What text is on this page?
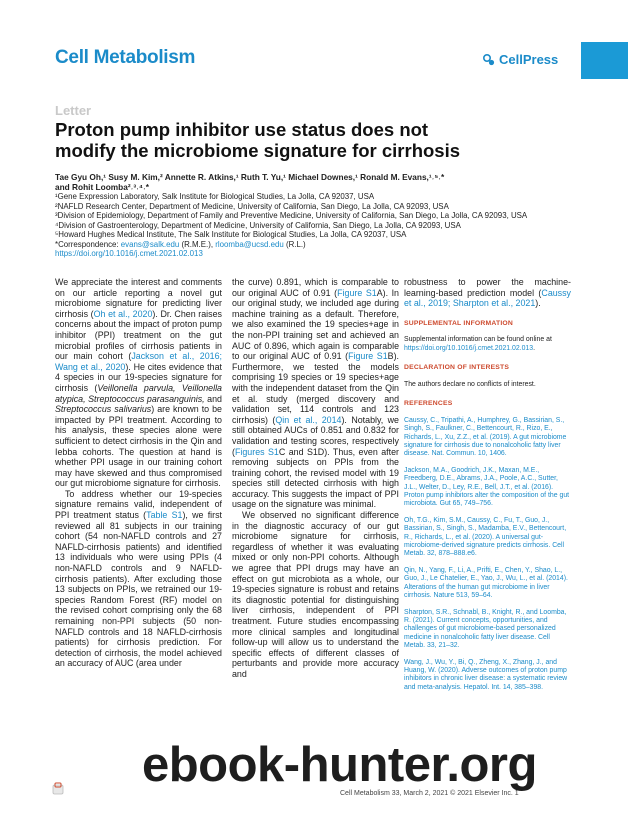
Cell Metabolism	CellPress
Letter
Proton pump inhibitor use status does not
modify the microbiome signature for cirrhosis
Tae Gyu Oh,¹ Susy M. Kim,² Annette R. Atkins,¹ Ruth T. Yu,¹ Michael Downes,¹ Ronald M. Evans,¹˒⁵˒*
and Rohit Loomba²˒³˒⁴˒*
¹Gene Expression Laboratory, Salk Institute for Biological Studies, La Jolla, CA 92037, USA
²NAFLD Research Center, Department of Medicine, University of California, San Diego, La Jolla, CA 92093, USA
³Division of Epidemiology, Department of Family and Preventive Medicine, University of California, San Diego, La Jolla, CA 92093, USA
⁴Division of Gastroenterology, Department of Medicine, University of California, San Diego, La Jolla, CA 92093, USA
⁵Howard Hughes Medical Institute, The Salk Institute for Biological Studies, La Jolla, CA 92037, USA
*Correspondence: evans@salk.edu (R.M.E.), rloomba@ucsd.edu (R.L.)
https://doi.org/10.1016/j.cmet.2021.02.013

We appreciate the interest and comments on our article reporting a novel gut microbiome signature for predicting liver cirrhosis (Oh et al., 2020). Dr. Chen raises concerns about the impact of proton pump inhibitor (PPI) treatment on the gut microbial profiles of cirrhosis patients in our main cohort (Jackson et al., 2016; Wang et al., 2020). He cites evidence that 4 species in our 19-species signature for cirrhosis (Veillonella parvula, Veillonella atypica, Streptococcus parasanguinis, and Streptococcus salivarius) are known to be impacted by PPI treatment. According to his analysis, these species alone were sufficient to detect cirrhosis in the Qin and Iebba cohorts. The question at hand is whether PPI usage in our training cohort may have skewed and thus compromised our gut microbiome signature for cirrhosis.

To address whether our 19-species signature remains valid, independent of PPI treatment status (Table S1), we first reviewed all 81 subjects in our training cohort (54 non-NAFLD controls and 27 NAFLD-cirrhosis patients) and identified 13 individuals who were using PPIs (4 non-NAFLD controls and 9 NAFLD-cirrhosis patients). After excluding those 13 subjects on PPIs, we retrained our 19-species Random Forest (RF) model on the revised cohort comprising only the 68 remaining non-PPI subjects (50 non-NAFLD controls and 18 NAFLD-cirrhosis patients) for cirrhosis prediction. For detection of cirrhosis, the model achieved an accuracy of AUC (area under

the curve) 0.891, which is comparable to our original AUC of 0.91 (Figure S1A). In our original study, we included age during machine training as a default. Therefore, we also examined the 19 species+age in the non-PPI training set and achieved an AUC of 0.896, which again is comparable to our original AUC of 0.91 (Figure S1B). Furthermore, we tested the models comprising 19 species or 19 species+age with the independent dataset from the Qin et al. study (merged discovery and validation set, 114 controls and 123 cirrhosis) (Qin et al., 2014). Notably, we still obtained AUCs of 0.851 and 0.832 for validation and testing scores, respectively (Figures S1C and S1D). Thus, even after removing subjects on PPIs from the training cohort, the revised model with 19 species still detected cirrhosis with high accuracy. This suggests the impact of PPI usage on the signature was minimal.

We observed no significant difference in the diagnostic accuracy of our gut microbiome signature for cirrhosis, regardless of whether it was evaluating mixed or only non-PPI cohorts. Although we agree that PPI drugs may have an effect on gut microbiota as a whole, our 19-species signature is robust and retains its diagnostic potential for distinguishing liver cirrhosis, independent of PPI treatment. Future studies encompassing more clinical samples and longitudinal follow-up will allow us to understand the specific effects of different classes of perturbants and provide more accuracy and

robustness to power the machine-learning-based prediction model (Caussy et al., 2019; Sharpton et al., 2021).

SUPPLEMENTAL INFORMATION
Supplemental information can be found online at https://doi.org/10.1016/j.cmet.2021.02.013.
DECLARATION OF INTERESTS
The authors declare no conflicts of interest.
REFERENCES
Caussy, C., Tripathi, A., Humphrey, G., Bassirian, S., Singh, S., Faulkner, C., Bettencourt, R., Rizo, E., Richards, L., Xu, Z.Z., et al. (2019). A gut microbiome signature for cirrhosis due to nonalcoholic fatty liver disease. Nat. Commun. 10, 1406.
Jackson, M.A., Goodrich, J.K., Maxan, M.E., Freedberg, D.E., Abrams, J.A., Poole, A.C., Sutter, J.L., Welter, D., Ley, R.E., Bell, J.T., et al. (2016). Proton pump inhibitors alter the composition of the gut microbiota. Gut 65, 749–756.
Oh, T.G., Kim, S.M., Caussy, C., Fu, T., Guo, J., Bassirian, S., Singh, S., Madamba, E.V., Bettencourt, R., Richards, L., et al. (2020). A universal gut-microbiome-derived signature predicts cirrhosis. Cell Metab. 32, 878–888.e6.
Qin, N., Yang, F., Li, A., Prifti, E., Chen, Y., Shao, L., Guo, J., Le Chatelier, E., Yao, J., Wu, L., et al. (2014). Alterations of the human gut microbiome in liver cirrhosis. Nature 513, 59–64.
Sharpton, S.R., Schnabl, B., Knight, R., and Loomba, R. (2021). Current concepts, opportunities, and challenges of gut microbiome-based personalized medicine in nonalcoholic fatty liver disease. Cell Metab. 33, 21–32.
Wang, J., Wu, Y., Bi, Q., Zheng, X., Zhang, J., and Huang, W. (2020). Adverse outcomes of proton pump inhibitors in chronic liver disease: a systematic review and meta-analysis. Hepatol. Int. 14, 385–398.
Cell Metabolism 33, March 2, 2021 © 2021 Elsevier Inc. 1
ebook-hunter.org
